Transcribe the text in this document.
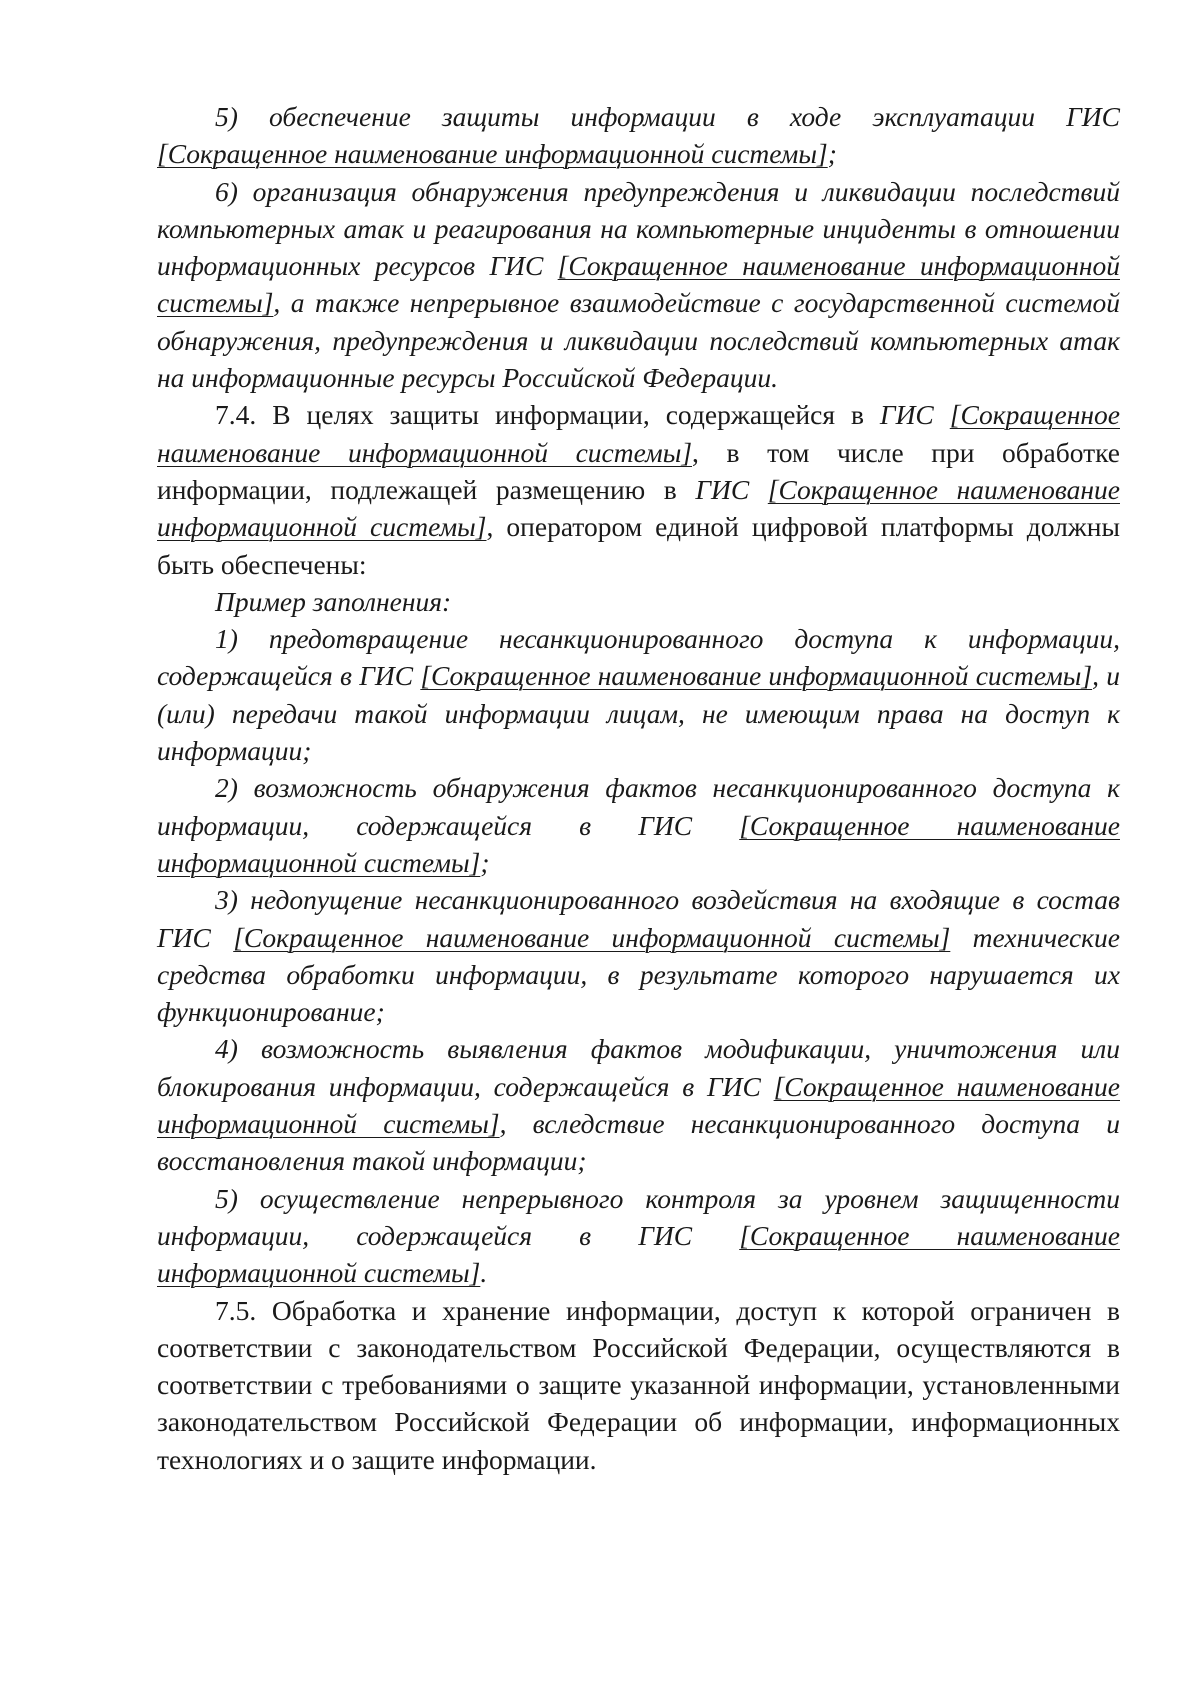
5) обеспечение защиты информации в ходе эксплуатации ГИС [Сокращенное наименование информационной системы];

6) организация обнаружения предупреждения и ликвидации последствий компьютерных атак и реагирования на компьютерные инциденты в отношении информационных ресурсов ГИС [Сокращенное наименование информационной системы], а также непрерывное взаимодействие с государственной системой обнаружения, предупреждения и ликвидации последствий компьютерных атак на информационные ресурсы Российской Федерации.

7.4. В целях защиты информации, содержащейся в ГИС [Сокращенное наименование информационной системы], в том числе при обработке информации, подлежащей размещению в ГИС [Сокращенное наименование информационной системы], оператором единой цифровой платформы должны быть обеспечены:

Пример заполнения:

1) предотвращение несанкционированного доступа к информации, содержащейся в ГИС [Сокращенное наименование информационной системы], и (или) передачи такой информации лицам, не имеющим права на доступ к информации;

2) возможность обнаружения фактов несанкционированного доступа к информации, содержащейся в ГИС [Сокращенное наименование информационной системы];

3) недопущение несанкционированного воздействия на входящие в состав ГИС [Сокращенное наименование информационной системы] технические средства обработки информации, в результате которого нарушается их функционирование;

4) возможность выявления фактов модификации, уничтожения или блокирования информации, содержащейся в ГИС [Сокращенное наименование информационной системы], вследствие несанкционированного доступа и восстановления такой информации;

5) осуществление непрерывного контроля за уровнем защищенности информации, содержащейся в ГИС [Сокращенное наименование информационной системы].

7.5. Обработка и хранение информации, доступ к которой ограничен в соответствии с законодательством Российской Федерации, осуществляются в соответствии с требованиями о защите указанной информации, установленными законодательством Российской Федерации об информации, информационных технологиях и о защите информации.
